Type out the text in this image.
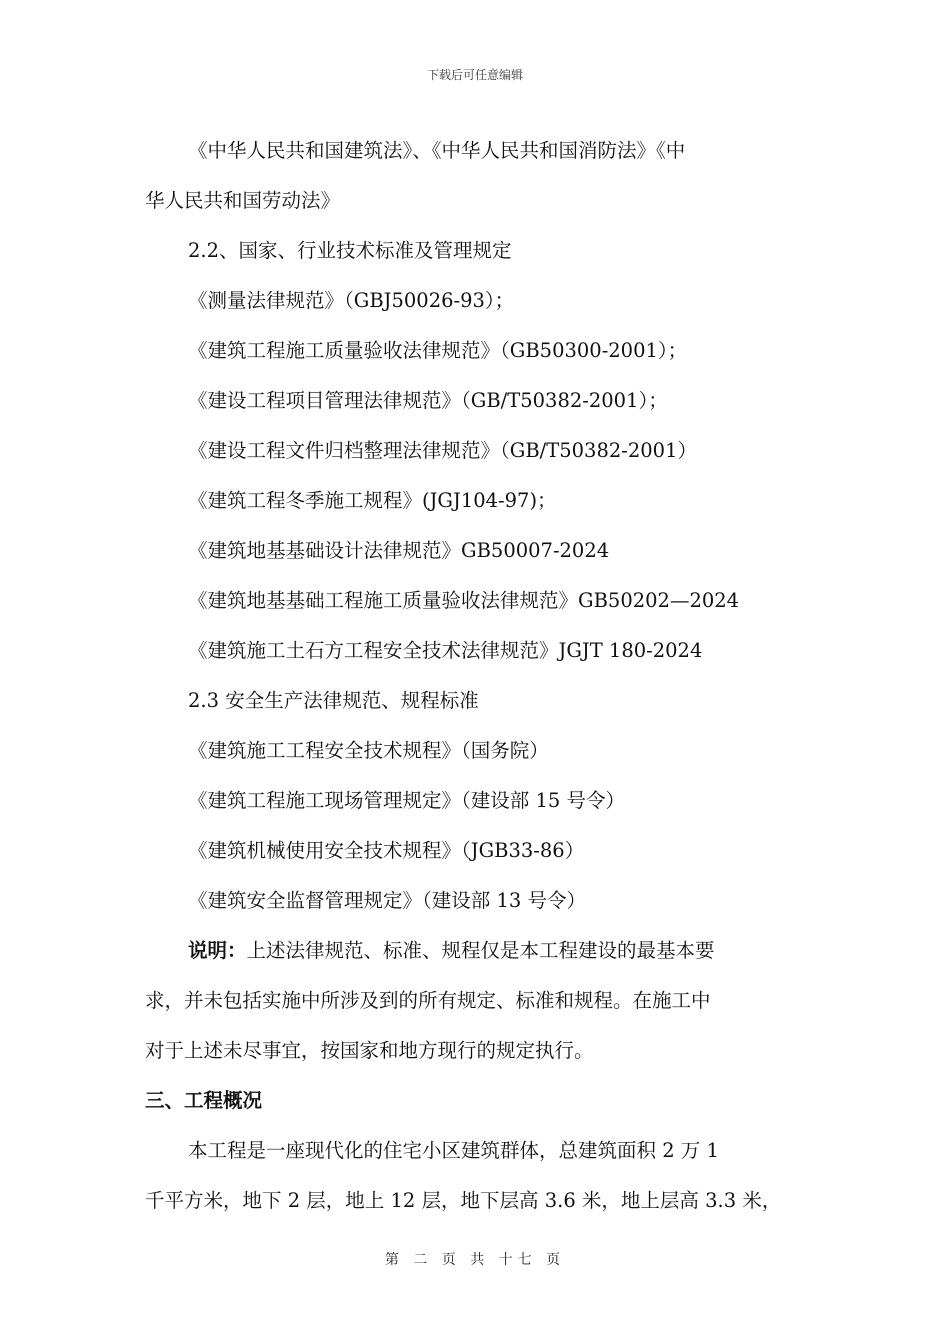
下载后可任意编辑
《中华人民共和国建筑法》、《中华人民共和国消防法》《中
华人民共和国劳动法》
2.2、国家、行业技术标准及管理规定
《测量法律规范》（GBJ50026-93）；
《建筑工程施工质量验收法律规范》（GB50300-2001）；
《建设工程项目管理法律规范》（GB/T50382-2001）；
《建设工程文件归档整理法律规范》（GB/T50382-2001）
《建筑工程冬季施工规程》(JGJ104-97)；
《建筑地基基础设计法律规范》GB50007-2024
《建筑地基基础工程施工质量验收法律规范》GB50202—2024
《建筑施工土石方工程安全技术法律规范》JGJT 180-2024
2.3 安全生产法律规范、规程标准
《建筑施工工程安全技术规程》（国务院）
《建筑工程施工现场管理规定》（建设部 15 号令）
《建筑机械使用安全技术规程》（JGB33-86）
《建筑安全监督管理规定》（建设部 13 号令）
说明：上述法律规范、标准、规程仅是本工程建设的最基本要
求，并未包括实施中所涉及到的所有规定、标准和规程。在施工中
对于上述未尽事宜，按国家和地方现行的规定执行。
三、工程概况
本工程是一座现代化的住宅小区建筑群体，总建筑面积 2 万 1
千平方米，地下 2 层，地上 12 层，地下层高 3.6 米，地上层高 3.3 米，
第 二 页 共 十七 页
